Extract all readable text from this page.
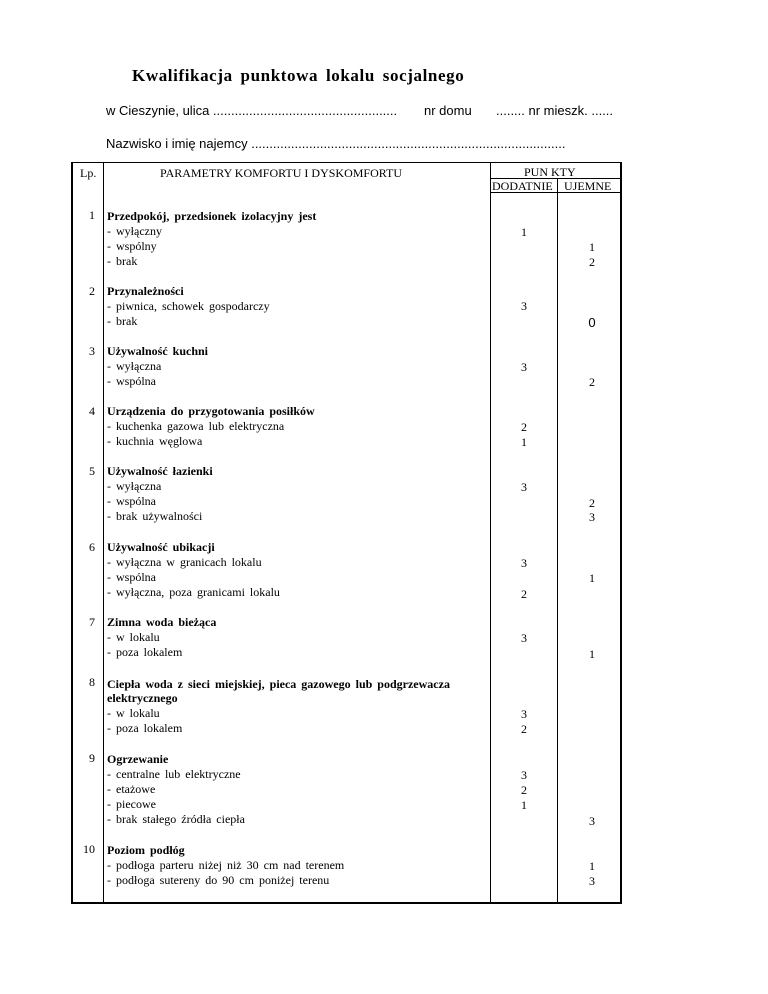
Kwalifikacja punktowa lokalu socjalnego
w Cieszynie, ulica ................................................... nr domu ........ nr mieszk. ......
Nazwisko i imię najemcy .......................................................................................
Lp.	PARAMETRY KOMFORTU I DYSKOMFORTU	PUN KTY
DODATNIE UJEMNE
1 Przedpokój, przedsionek izolacyjny jest
- wyłączny
- wspólny
- brak
1
1
2
2 Przynależności
- piwnica, schowek gospodarczy
- brak
3
0
3 Używalność kuchni
- wyłączna
- wspólna
3
2
4 Urządzenia do przygotowania posiłków
- kuchenka gazowa lub elektryczna
- kuchnia węglowa
2
1
5 Używalność łazienki
- wyłączna
- wspólna
- brak używalności
3
2
3
6 Używalność ubikacji
- wyłączna w granicach lokalu
- wspólna
- wyłączna, poza granicami lokalu
3
1
2
7 Zimna woda bieżąca
- w lokalu
- poza lokalem
3
1
8 Ciepła woda z sieci miejskiej, pieca gazowego lub podgrzewacza
elektrycznego
- w lokalu
- poza lokalem
3
2
9 Ogrzewanie
- centralne lub elektryczne
- etażowe
- piecowe
- brak stałego źródła ciepła
3
2
1
3
10 Poziom podłóg
- podłoga parteru niżej niż 30 cm nad terenem
- podłoga sutereny do 90 cm poniżej terenu
1
3
